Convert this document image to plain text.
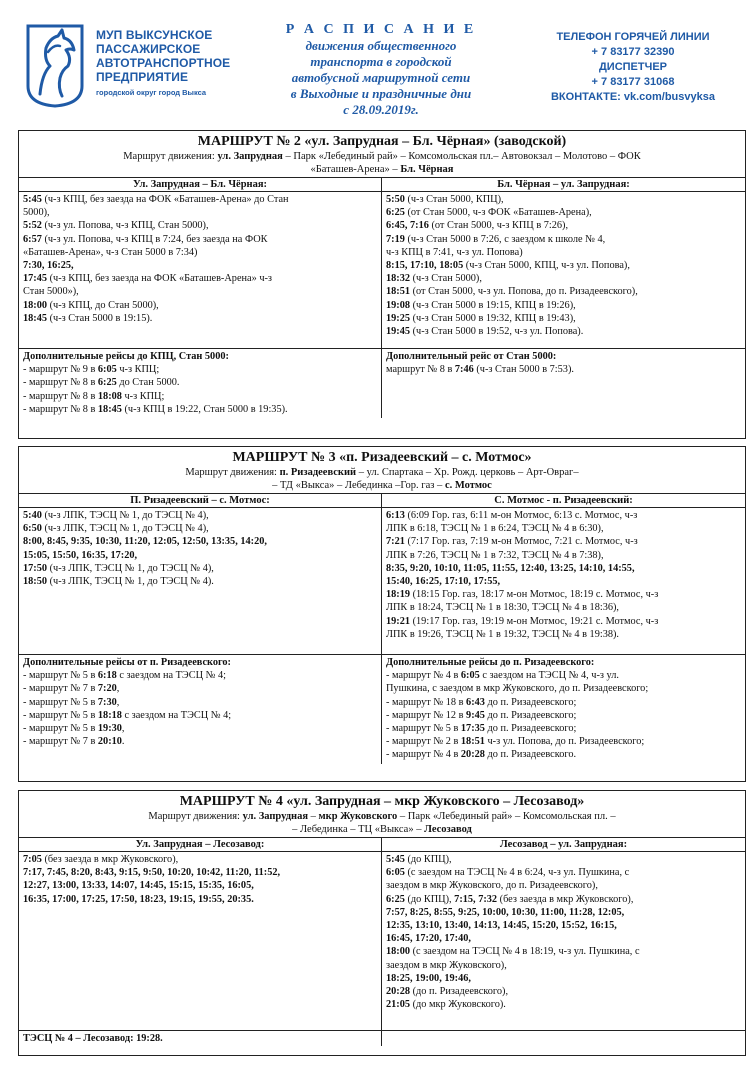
МУП ВЫКСУНСКОЕ
ПАССАЖИРСКОЕ
АВТОТРАНСПОРТНОЕ
ПРЕДПРИЯТИЕ
городской округ город Выкса
Р А С П И С А Н И Е
движения общественного
транспорта в городской
автобусной маршрутной сети
в Выходные и праздничные дни
с 28.09.2019г.
ТЕЛЕФОН ГОРЯЧЕЙ ЛИНИИ
+ 7 83177 32390
ДИСПЕТЧЕР
+ 7 83177 31068
ВКОНТАКТЕ: vk.com/busvyksa
МАРШРУТ № 2 «ул. Запрудная – Бл. Чёрная» (заводской)
Маршрут движения: ул. Запрудная – Парк «Лебединый рай» – Комсомольская пл.– Автовокзал – Молотово – ФОК
«Баташев-Арена» – Бл. Чёрная
Ул. Запрудная – Бл. Чёрная:
5:45 (ч-з КПЦ, без заезда на ФОК «Баташев-Арена» до Стан
5000),
5:52 (ч-з ул. Попова, ч-з КПЦ, Стан 5000),
6:57 (ч-з ул. Попова, ч-з КПЦ в 7:24, без заезда на ФОК
«Баташев-Арена», ч-з Стан 5000 в 7:34)
7:30, 16:25,
17:45 (ч-з КПЦ, без заезда на ФОК «Баташев-Арена» ч-з
Стан 5000»),
18:00 (ч-з КПЦ, до Стан 5000),
18:45 (ч-з Стан 5000 в 19:15).
Бл. Чёрная – ул. Запрудная:
5:50 (ч-з Стан 5000, КПЦ),
6:25 (от Стан 5000, ч-з ФОК «Баташев-Арена),
6:45, 7:16 (от Стан 5000, ч-з КПЦ в 7:26),
7:19 (ч-з Стан 5000 в 7:26, с заездом к школе № 4,
ч-з КПЦ в 7:41, ч-з ул. Попова)
8:15, 17:10, 18:05 (ч-з Стан 5000, КПЦ, ч-з ул. Попова),
18:32 (ч-з Стан 5000),
18:51 (от Стан 5000, ч-з ул. Попова, до п. Ризадеевского),
19:08 (ч-з Стан 5000 в 19:15, КПЦ в 19:26),
19:25 (ч-з Стан 5000 в 19:32, КПЦ в 19:43),
19:45 (ч-з Стан 5000 в 19:52, ч-з ул. Попова).
Дополнительные рейсы до КПЦ, Стан 5000:
- маршрут № 9 в 6:05 ч-з КПЦ;
- маршрут № 8 в 6:25 до Стан 5000.
- маршрут № 8 в 18:08 ч-з КПЦ;
- маршрут № 8 в 18:45 (ч-з КПЦ в 19:22, Стан 5000 в 19:35).
Дополнительный рейс от Стан 5000:
маршрут № 8 в 7:46 (ч-з Стан 5000 в 7:53).
МАРШРУТ № 3 «п. Ризадеевский – с. Мотмос»
Маршрут движения: п. Ризадеевский – ул. Спартака – Хр. Рожд. церковь – Арт-Овраг–
– ТД «Выкса» – Лебединка –Гор. газ – с. Мотмос
П. Ризадеевский – с. Мотмос:
5:40 (ч-з ЛПК, ТЭСЦ № 1, до ТЭСЦ № 4),
6:50 (ч-з ЛПК, ТЭСЦ № 1, до ТЭСЦ № 4),
8:00, 8:45, 9:35, 10:30, 11:20, 12:05, 12:50, 13:35, 14:20,
15:05, 15:50, 16:35, 17:20,
17:50 (ч-з ЛПК, ТЭСЦ № 1, до ТЭСЦ № 4),
18:50 (ч-з ЛПК, ТЭСЦ № 1, до ТЭСЦ № 4).
С. Мотмос - п. Ризадеевский:
6:13 (6:09 Гор. газ, 6:11 м-он Мотмос, 6:13 с. Мотмос, ч-з
ЛПК в 6:18, ТЭСЦ № 1 в 6:24, ТЭСЦ № 4 в 6:30),
7:21 (7:17 Гор. газ, 7:19 м-он Мотмос, 7:21 с. Мотмос, ч-з
ЛПК в 7:26, ТЭСЦ № 1 в 7:32, ТЭСЦ № 4 в 7:38),
8:35, 9:20, 10:10, 11:05, 11:55, 12:40, 13:25, 14:10, 14:55,
15:40, 16:25, 17:10, 17:55,
18:19 (18:15 Гор. газ, 18:17 м-он Мотмос, 18:19 с. Мотмос, ч-з
ЛПК в 18:24, ТЭСЦ № 1 в 18:30, ТЭСЦ № 4 в 18:36),
19:21 (19:17 Гор. газ, 19:19 м-он Мотмос, 19:21 с. Мотмос, ч-з
ЛПК в 19:26, ТЭСЦ № 1 в 19:32, ТЭСЦ № 4 в 19:38).
Дополнительные рейсы от п. Ризадеевского:
- маршрут № 5 в 6:18 с заездом на ТЭСЦ № 4;
- маршрут № 7 в 7:20,
- маршрут № 5 в 7:30,
- маршрут № 5 в 18:18 с заездом на ТЭСЦ № 4;
- маршрут № 5 в 19:30,
- маршрут № 7 в 20:10.
Дополнительные рейсы до п. Ризадеевского:
- маршрут № 4 в 6:05 с заездом на ТЭСЦ № 4, ч-з ул.
Пушкина, с заездом в мкр Жуковского, до п. Ризадеевского;
- маршрут № 18 в 6:43 до п. Ризадеевского;
- маршрут № 12 в 9:45 до п. Ризадеевского;
- маршрут № 5 в 17:35 до п. Ризадеевского;
- маршрут № 2 в 18:51 ч-з ул. Попова, до п. Ризадеевского;
- маршрут № 4 в 20:28 до п. Ризадеевского.
МАРШРУТ № 4 «ул. Запрудная – мкр Жуковского – Лесозавод»
Маршрут движения: ул. Запрудная – мкр Жуковского – Парк «Лебединый рай» – Комсомольская пл. –
– Лебединка – ТЦ «Выкса» – Лесозавод
Ул. Запрудная – Лесозавод:
7:05 (без заезда в мкр Жуковского),
7:17, 7:45, 8:20, 8:43, 9:15, 9:50, 10:20, 10:42, 11:20, 11:52,
12:27, 13:00, 13:33, 14:07, 14:45, 15:15, 15:35, 16:05,
16:35, 17:00, 17:25, 17:50, 18:23, 19:15, 19:55, 20:35.
Лесозавод – ул. Запрудная:
5:45 (до КПЦ),
6:05 (с заездом на ТЭСЦ № 4 в 6:24, ч-з ул. Пушкина, с
заездом в мкр Жуковского, до п. Ризадеевского),
6:25 (до КПЦ), 7:15, 7:32 (без заезда в мкр Жуковского),
7:57, 8:25, 8:55, 9:25, 10:00, 10:30, 11:00, 11:28, 12:05,
12:35, 13:10, 13:40, 14:13, 14:45, 15:20, 15:52, 16:15,
16:45, 17:20, 17:40,
18:00 (с заездом на ТЭСЦ № 4 в 18:19, ч-з ул. Пушкина, с
заездом в мкр Жуковского),
18:25, 19:00, 19:46,
20:28 (до п. Ризадеевского),
21:05 (до мкр Жуковского).
ТЭСЦ № 4 – Лесозавод: 19:28.
